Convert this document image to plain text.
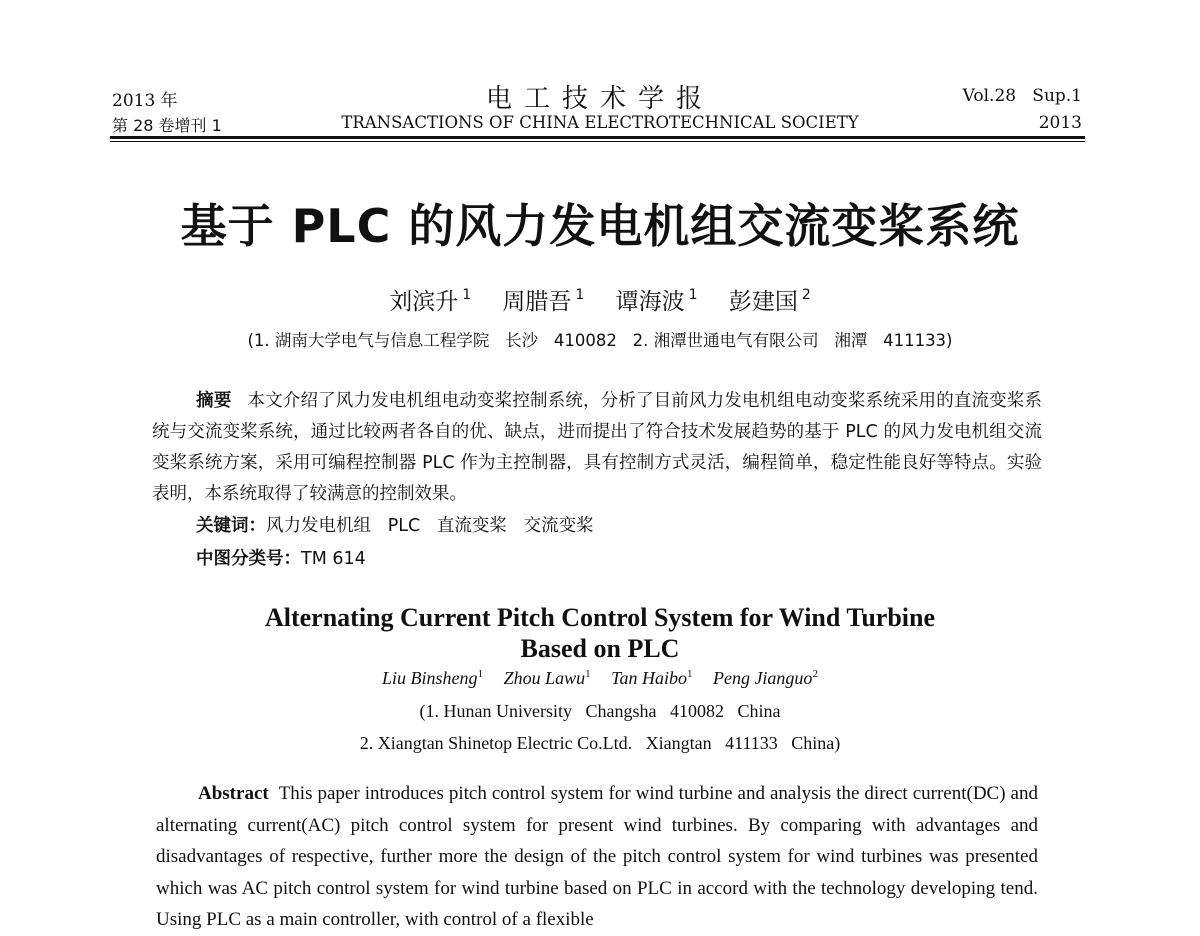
2013 年
第 28 卷增刊 1
电工技术学报
TRANSACTIONS OF CHINA ELECTROTECHNICAL SOCIETY
Vol.28   Sup.1
2013
基于 PLC 的风力发电机组交流变桨系统
刘滨升 $^1$ 周腊吾 $^1$ 谭海波 $^1$ 彭建国 $^2$
(1. 湖南大学电气与信息工程学院   长沙   410082   2. 湘潭世通电气有限公司   湘潭   411133)
摘要 本文介绍了风力发电机组电动变桨控制系统，分析了目前风力发电机组电动变桨系统采用的直流变桨系统与交流变桨系统，通过比较两者各自的优、缺点，进而提出了符合技术发展趋势的基于 PLC 的风力发电机组交流变桨系统方案，采用可编程控制器 PLC 作为主控制器，具有控制方式灵活，编程简单，稳定性能良好等特点。实验表明，本系统取得了较满意的控制效果。
关键词：风力发电机组   PLC   直流变桨   交流变桨
中图分类号：TM 614
Alternating Current Pitch Control System for Wind Turbine
Based on PLC
Liu Binsheng$^1$ Zhou Lawu$^1$ Tan Haibo$^1$ Peng Jianguo$^2$
(1. Hunan University   Changsha   410082   China
2. Xiangtan Shinetop Electric Co.Ltd.   Xiangtan   411133   China)
Abstract This paper introduces pitch control system for wind turbine and analysis the direct current(DC) and alternating current(AC) pitch control system for present wind turbines. By comparing with advantages and disadvantages of respective, further more the design of the pitch control system for wind turbines was presented which was AC pitch control system for wind turbine based on PLC in accord with the technology developing tend. Using PLC as a main controller, with control of a flexible
